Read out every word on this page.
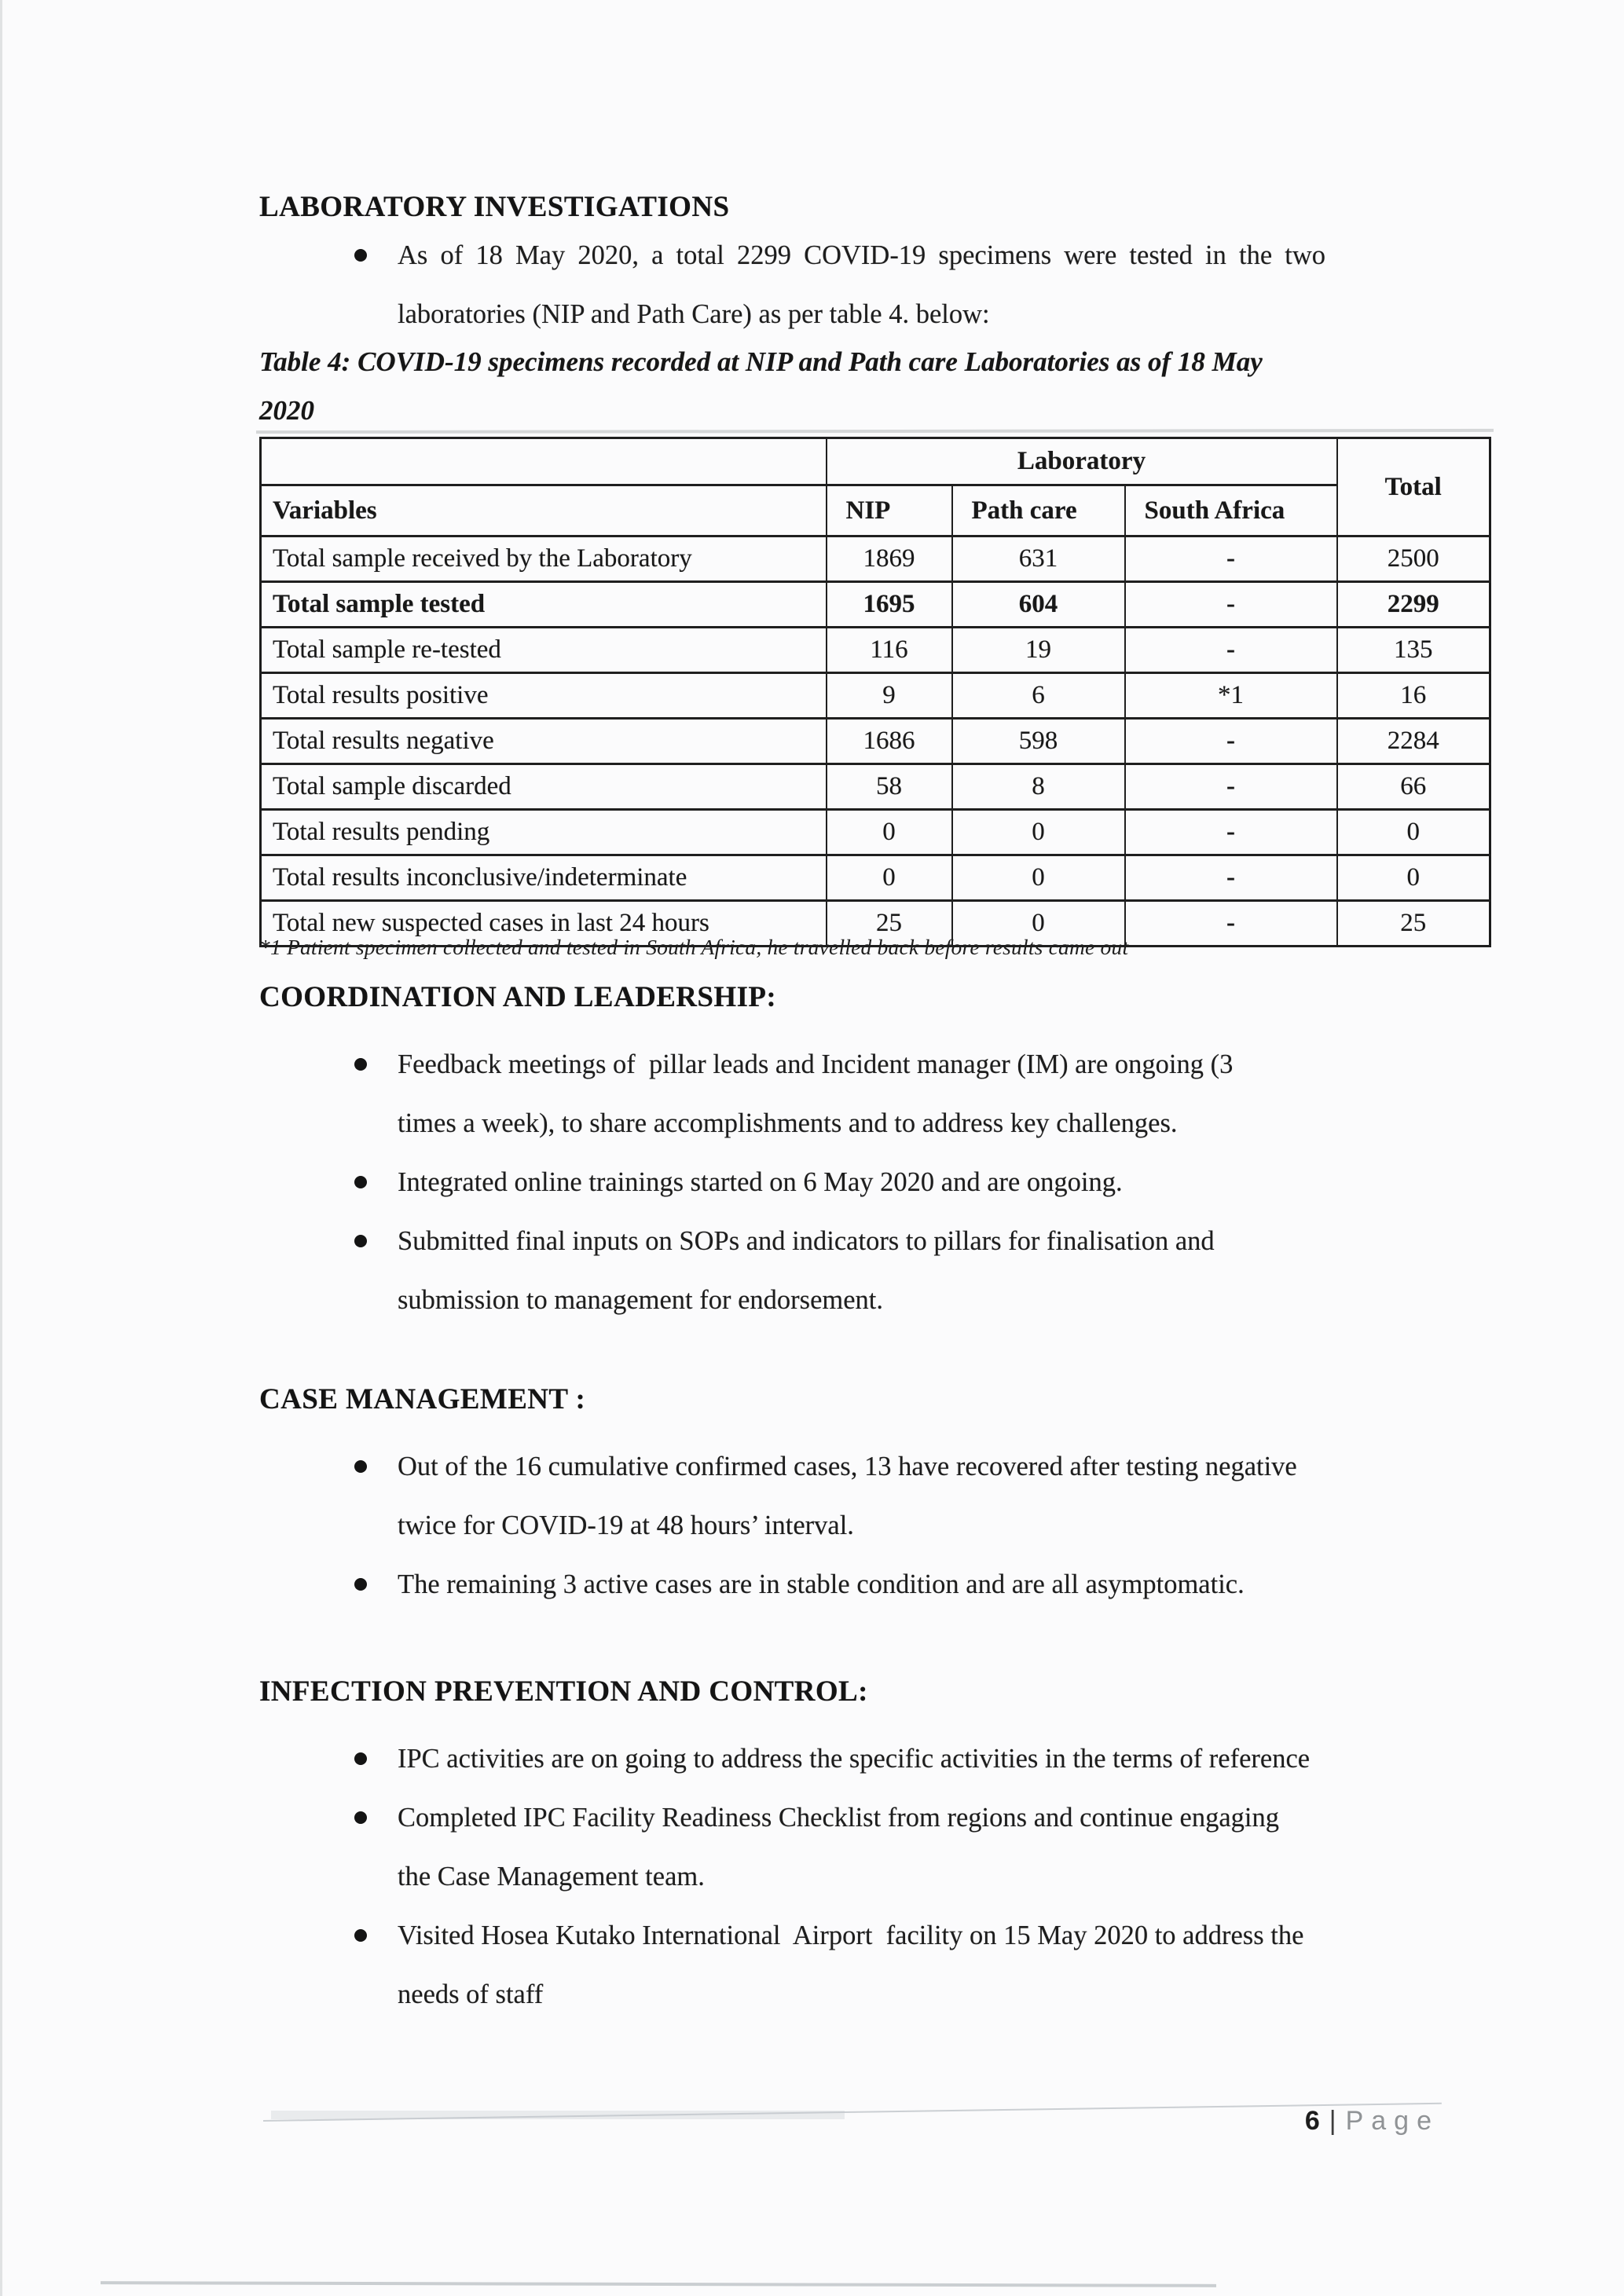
LABORATORY INVESTIGATIONS
As of 18 May 2020, a total 2299 COVID-19 specimens were tested in the two
laboratories (NIP and Path Care) as per table 4. below:
Table 4: COVID-19 specimens recorded at NIP and Path care Laboratories as of 18 May
2020
	Laboratory			Total
Variables	NIP	Path care	South Africa	
Total sample received by the Laboratory	1869	631	-	2500
Total sample tested	1695	604	-	2299
Total sample re-tested	116	19	-	135
Total results positive	9	6	*1	16
Total results negative	1686	598	-	2284
Total sample discarded	58	8	-	66
Total results pending	0	0	-	0
Total results inconclusive/indeterminate	0	0	-	0
Total new suspected cases in last 24 hours	25	0	-	25
*1 Patient specimen collected and tested in South Africa, he travelled back before results came out
COORDINATION AND LEADERSHIP:
Feedback meetings of  pillar leads and Incident manager (IM) are ongoing (3
times a week), to share accomplishments and to address key challenges.
Integrated online trainings started on 6 May 2020 and are ongoing.
Submitted final inputs on SOPs and indicators to pillars for finalisation and
submission to management for endorsement.
CASE MANAGEMENT :
Out of the 16 cumulative confirmed cases, 13 have recovered after testing negative
twice for COVID-19 at 48 hours’ interval.
The remaining 3 active cases are in stable condition and are all asymptomatic.
INFECTION PREVENTION AND CONTROL:
IPC activities are on going to address the specific activities in the terms of reference
Completed IPC Facility Readiness Checklist from regions and continue engaging
the Case Management team.
Visited Hosea Kutako International  Airport  facility on 15 May 2020 to address the
needs of staff
6 | Page
